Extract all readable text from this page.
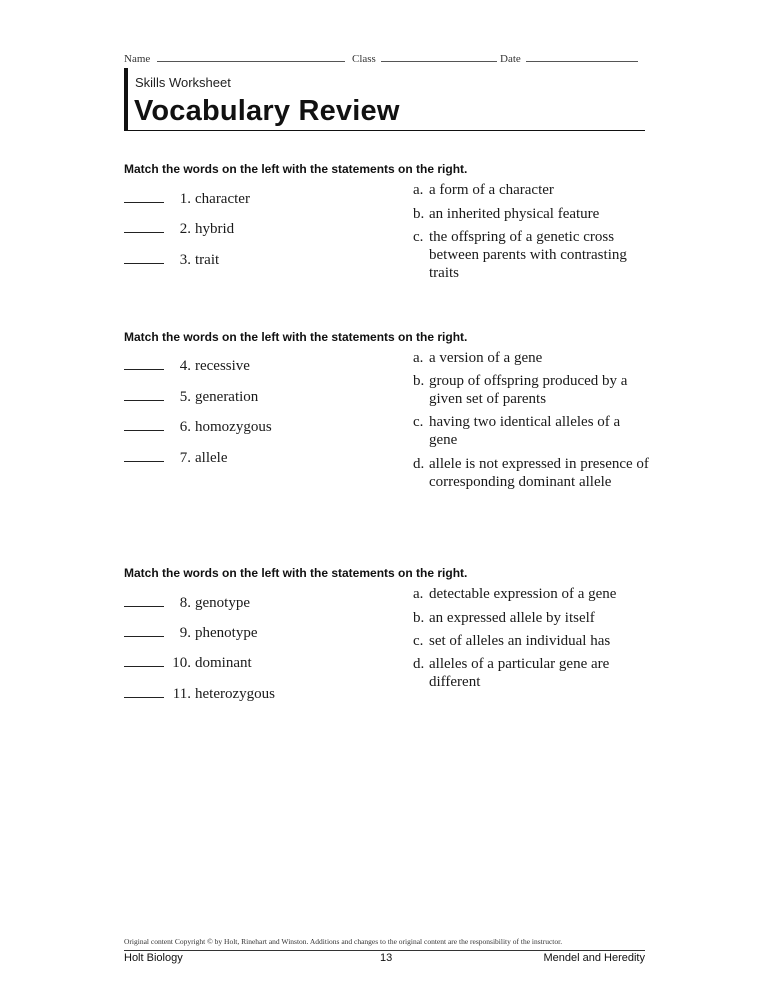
Name	Class	Date
Skills Worksheet
Vocabulary Review
Match the words on the left with the statements on the right.
1. character
2. hybrid
3. trait
a. a form of a character
b. an inherited physical feature
c. the offspring of a genetic cross between parents with contrasting traits
Match the words on the left with the statements on the right.
4. recessive
5. generation
6. homozygous
7. allele
a. a version of a gene
b. group of offspring produced by a given set of parents
c. having two identical alleles of a gene
d. allele is not expressed in presence of corresponding dominant allele
Match the words on the left with the statements on the right.
8. genotype
9. phenotype
10. dominant
11. heterozygous
a. detectable expression of a gene
b. an expressed allele by itself
c. set of alleles an individual has
d. alleles of a particular gene are different
Original content Copyright © by Holt, Rinehart and Winston. Additions and changes to the original content are the responsibility of the instructor.
Holt Biology	13	Mendel and Heredity
